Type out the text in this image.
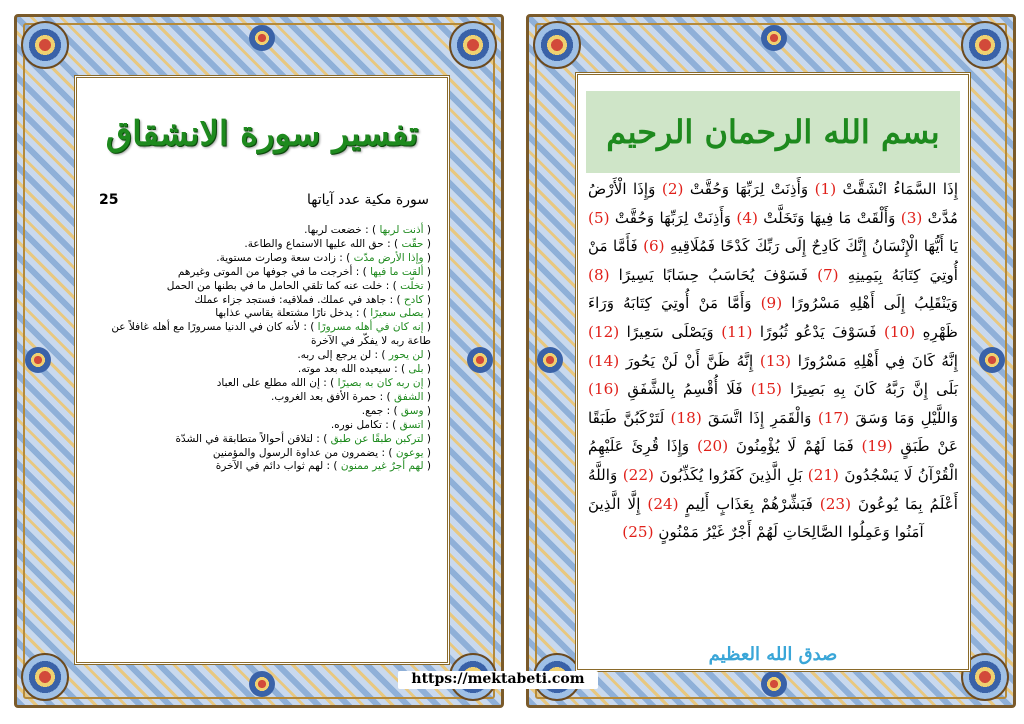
تفسير سورة الانشقاق
25	سورة مكية عدد آياتها
( أذنت لربها ) : خضعت لربها.
( حقّت ) : حق الله عليها الاستماع والطاعة.
( وإذا الأرض مدّت ) : زادت سعة وصارت مستوية.
( ألقت ما فيها ) : أخرجت ما في جوفها من الموتى وغيرهم
( تخلّت ) : خلت عنه كما تلقي الحامل ما في بطنها من الحمل
( كادح ) : جاهد في عملك. فملاقيه: فستجد جزاء عملك
( يصلى سعيرًا ) : يدخل نارًا مشتعلة يقاسي عذابها
( إنه كان في أهله مسرورًا ) : لأنه كان في الدنيا مسرورًا مع أهله غافلاً عن طاعة ربه لا يفكّر في الآخرة
( لن يحور ) : لن يرجع إلى ربه.
( بلى ) : سيعيده الله بعد موته.
( إن ربه كان به بصيرًا ) : إن الله مطلع على العباد
( الشفق ) : حمرة الأفق بعد الغروب.
( وسق ) : جمع.
( اتسق ) : تكامل نوره.
( لتركبن طبقًا عن طبق ) : لتلاقن أحوالاً متطابقة في الشدّة
( يوعون ) : يضمرون من عداوة الرسول والمؤمنين
( لهم أجرٌ غير ممنون ) : لهم ثواب دائم في الآخرة
بسم الله الرحمان الرحيم
إِذَا السَّمَاءُ انْشَقَّتْ (1) وَأَذِنَتْ لِرَبِّهَا وَحُقَّتْ (2) وَإِذَا الْأَرْضُ مُدَّتْ (3) وَأَلْقَتْ مَا فِيهَا وَتَخَلَّتْ (4) وَأَذِنَتْ لِرَبِّهَا وَحُقَّتْ (5) يَا أَيُّهَا الْإِنْسَانُ إِنَّكَ كَادِحٌ إِلَى رَبِّكَ كَدْحًا فَمُلَاقِيهِ (6) فَأَمَّا مَنْ أُوتِيَ كِتَابَهُ بِيَمِينِهِ (7) فَسَوْفَ يُحَاسَبُ حِسَابًا يَسِيرًا (8) وَيَنْقَلِبُ إِلَى أَهْلِهِ مَسْرُورًا (9) وَأَمَّا مَنْ أُوتِيَ كِتَابَهُ وَرَاءَ ظَهْرِهِ (10) فَسَوْفَ يَدْعُو ثُبُورًا (11) وَيَصْلَى سَعِيرًا (12) إِنَّهُ كَانَ فِي أَهْلِهِ مَسْرُورًا (13) إِنَّهُ ظَنَّ أَنْ لَنْ يَحُورَ (14) بَلَى إِنَّ رَبَّهُ كَانَ بِهِ بَصِيرًا (15) فَلَا أُقْسِمُ بِالشَّفَقِ (16) وَاللَّيْلِ وَمَا وَسَقَ (17) وَالْقَمَرِ إِذَا اتَّسَقَ (18) لَتَرْكَبُنَّ طَبَقًا عَنْ طَبَقٍ (19) فَمَا لَهُمْ لَا يُؤْمِنُونَ (20) وَإِذَا قُرِئَ عَلَيْهِمُ الْقُرْآنُ لَا يَسْجُدُونَ (21) بَلِ الَّذِينَ كَفَرُوا يُكَذِّبُونَ (22) وَاللَّهُ أَعْلَمُ بِمَا يُوعُونَ (23) فَبَشِّرْهُمْ بِعَذَابٍ أَلِيمٍ (24) إِلَّا الَّذِينَ آمَنُوا وَعَمِلُوا الصَّالِحَاتِ لَهُمْ أَجْرٌ غَيْرُ مَمْنُونٍ (25)
صدق الله العظيم
https://mektabeti.com
